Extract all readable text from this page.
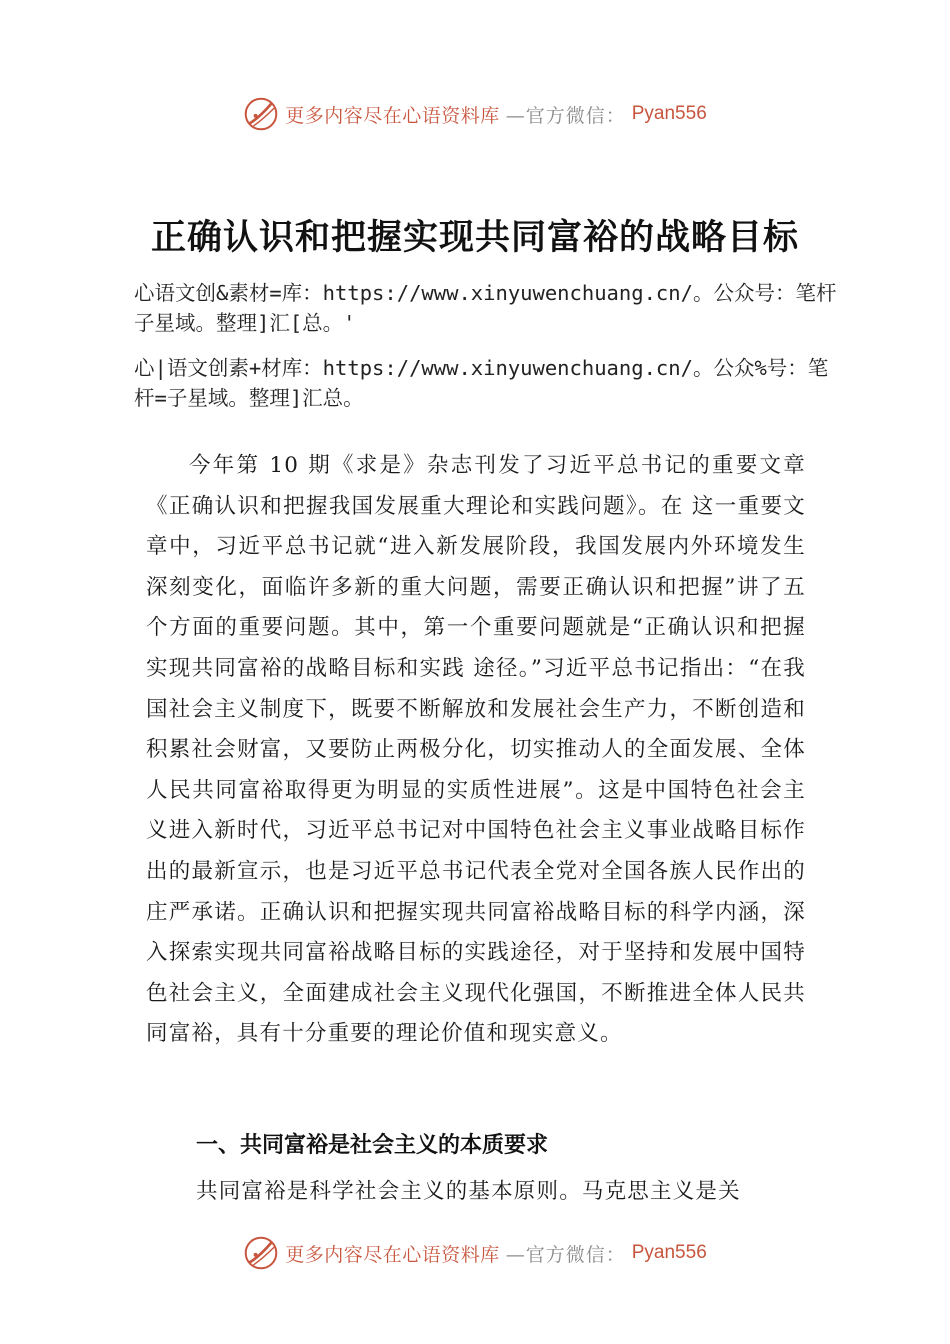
更多内容尽在心语资料库 —官方微信： Pyan556
正确认识和把握实现共同富裕的战略目标

心语文创&素材=库：https://www.xinyuwenchuang.cn/。公众号：笔杆子星域。整理]汇[总。'

心|语文创素+材库：https://www.xinyuwenchuang.cn/。公众%号：笔杆=子星域。整理]汇总。

今年第 10 期《求是》杂志刊发了习近平总书记的重要文章《正确认识和把握我国发展重大理论和实践问题》。在 这一重要文章中，习近平总书记就“进入新发展阶段，我国发展内外环境发生深刻变化，面临许多新的重大问题，需要正确认识和把握”讲了五个方面的重要问题。其中，第一个重要问题就是“正确认识和把握实现共同富裕的战略目标和实践 途径。”习近平总书记指出：“在我国社会主义制度下，既要不断解放和发展社会生产力，不断创造和积累社会财富，又要防止两极分化，切实推动人的全面发展、全体人民共同富裕取得更为明显的实质性进展”。这是中国特色社会主义进入新时代，习近平总书记对中国特色社会主义事业战略目标作出的最新宣示，也是习近平总书记代表全党对全国各族人民作出的庄严承诺。正确认识和把握实现共同富裕战略目标的科学内涵，深入探索实现共同富裕战略目标的实践途径，对于坚持和发展中国特色社会主义，全面建成社会主义现代化强国，不断推进全体人民共同富裕，具有十分重要的理论价值和现实意义。

一、共同富裕是社会主义的本质要求

共同富裕是科学社会主义的基本原则。马克思主义是关

更多内容尽在心语资料库 —官方微信： Pyan556
